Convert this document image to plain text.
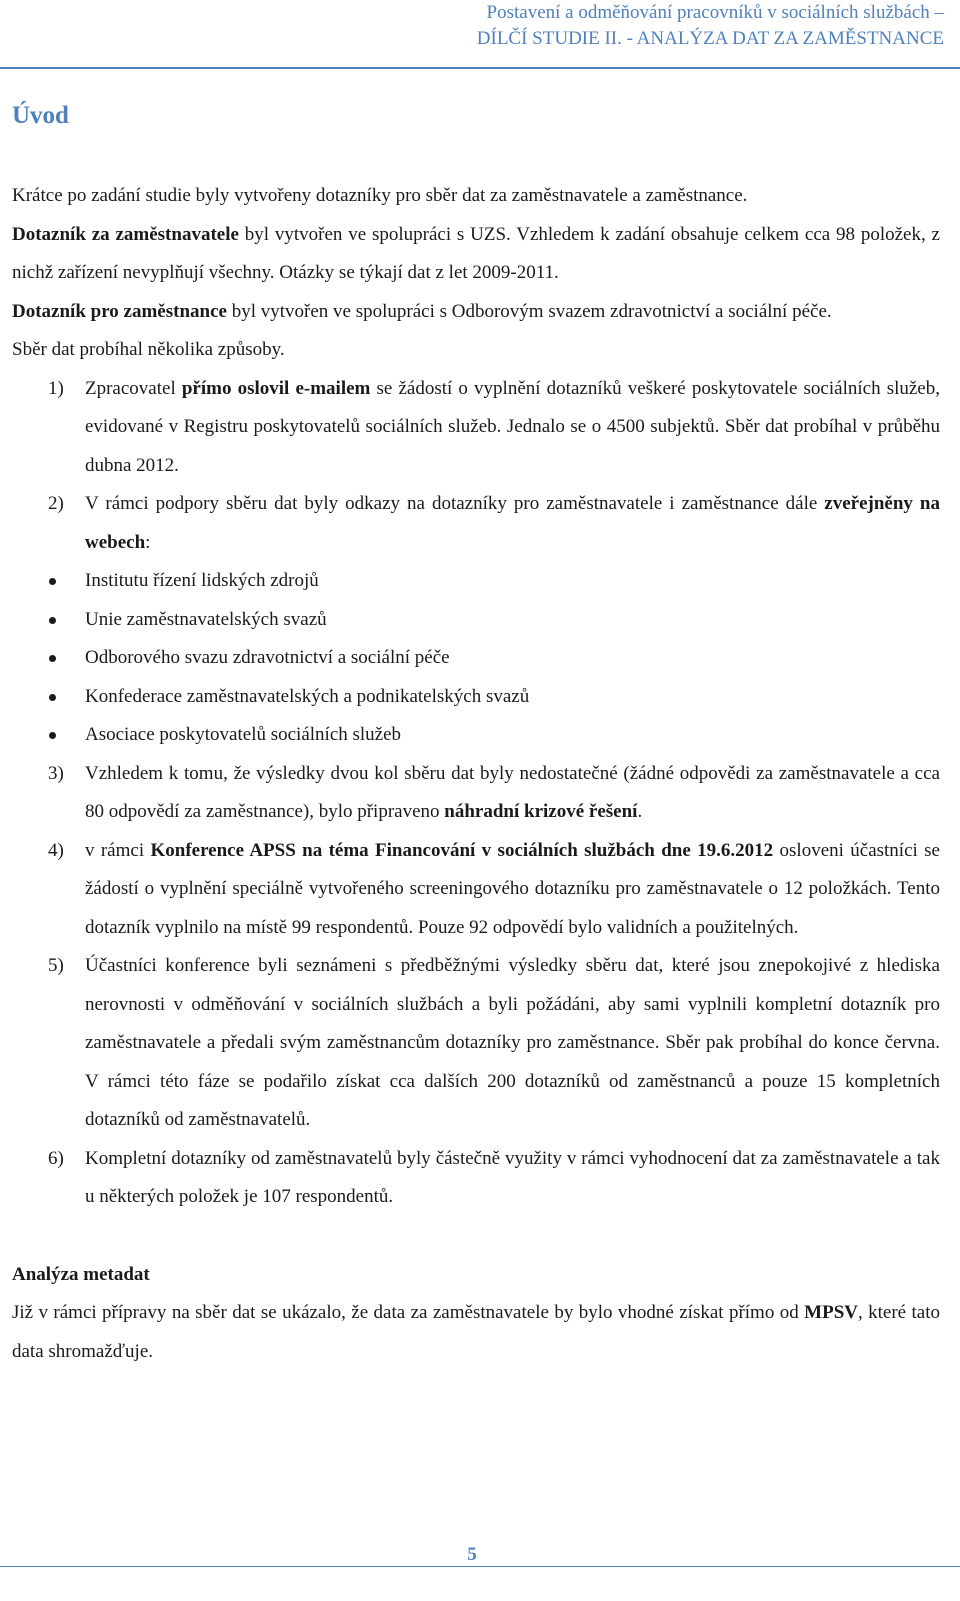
Postavení a odměňování pracovníků v sociálních službách –
DÍLČÍ STUDIE II. - ANALÝZA DAT ZA ZAMĚSTNANCE
Úvod

Krátce po zadání studie byly vytvořeny dotazníky pro sběr dat za zaměstnavatele a zaměstnance.

Dotazník za zaměstnavatele byl vytvořen ve spolupráci s UZS. Vzhledem k zadání obsahuje celkem cca 98 položek, z nichž zařízení nevyplňují všechny. Otázky se týkají dat z let 2009-2011.

Dotazník pro zaměstnance byl vytvořen ve spolupráci s Odborovým svazem zdravotnictví a sociální péče.

Sběr dat probíhal několika způsoby.

1) Zpracovatel přímo oslovil e-mailem se žádostí o vyplnění dotazníků veškeré poskytovatele sociálních služeb, evidované v Registru poskytovatelů sociálních služeb. Jednalo se o 4500 subjektů. Sběr dat probíhal v průběhu dubna 2012.
2) V rámci podpory sběru dat byly odkazy na dotazníky pro zaměstnavatele i zaměstnance dále zveřejněny na webech:
Institutu řízení lidských zdrojů
Unie zaměstnavatelských svazů
Odborového svazu zdravotnictví a sociální péče
Konfederace zaměstnavatelských a podnikatelských svazů
Asociace poskytovatelů sociálních služeb
3) Vzhledem k tomu, že výsledky dvou kol sběru dat byly nedostatečné (žádné odpovědi za zaměstnavatele a cca 80 odpovědí za zaměstnance), bylo připraveno náhradní krizové řešení.
4) v rámci Konference APSS na téma Financování v sociálních službách dne 19.6.2012 osloveni účastníci se žádostí o vyplnění speciálně vytvořeného screeningového dotazníku pro zaměstnavatele o 12 položkách. Tento dotazník vyplnilo na místě 99 respondentů. Pouze 92 odpovědí bylo validních a použitelných.
5) Účastníci konference byli seznámeni s předběžnými výsledky sběru dat, které jsou znepokojivé z hlediska nerovnosti v odměňování v sociálních službách a byli požádáni, aby sami vyplnili kompletní dotazník pro zaměstnavatele a předali svým zaměstnancům dotazníky pro zaměstnance. Sběr pak probíhal do konce června. V rámci této fáze se podařilo získat cca dalších 200 dotazníků od zaměstnanců a pouze 15 kompletních dotazníků od zaměstnavatelů.
6) Kompletní dotazníky od zaměstnavatelů byly částečně využity v rámci vyhodnocení dat za zaměstnavatele a tak u některých položek je 107 respondentů.

Analýza metadat

Již v rámci přípravy na sběr dat se ukázalo, že data za zaměstnavatele by bylo vhodné získat přímo od MPSV, které tato data shromažďuje.

5
